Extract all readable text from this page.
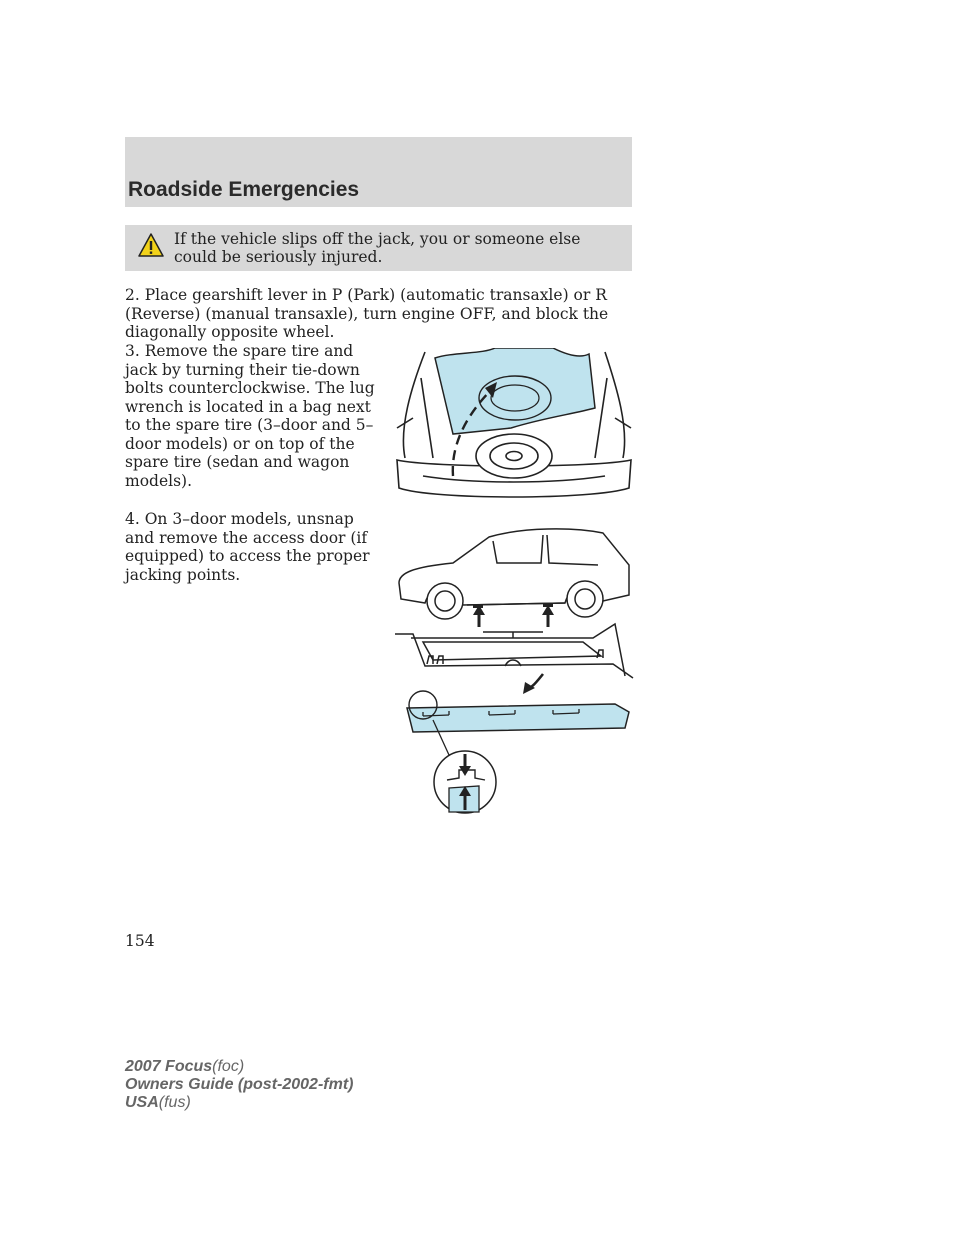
Roadside Emergencies
If the vehicle slips off the jack, you or someone else could be seriously injured.

2. Place gearshift lever in P (Park) (automatic transaxle) or R (Reverse) (manual transaxle), turn engine OFF, and block the diagonally opposite wheel.

3. Remove the spare tire and jack by turning their tie-down bolts counterclockwise. The lug wrench is located in a bag next to the spare tire (3–door and 5–door models) or on top of the spare tire (sedan and wagon models).

4. On 3–door models, unsnap and remove the access door (if equipped) to access the proper jacking points.

154
2007 Focus(foc)
Owners Guide (post-2002-fmt)
USA(fus)
